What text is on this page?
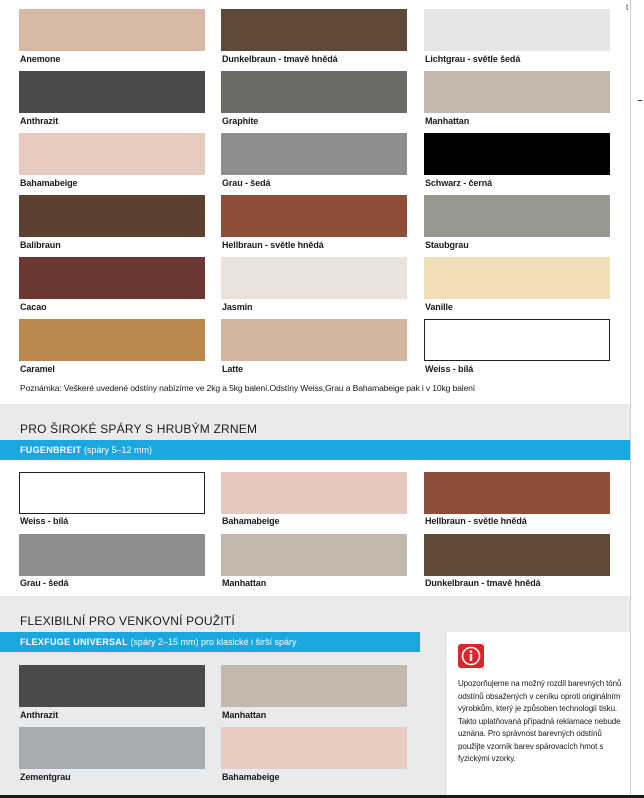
Poznámka: Veškeré uvedené odstíny nabízíme ve 2kg a 5kg balení.Odstíny Weiss,Grau a Bahamabeige pak i v 10kg balení
PRO ŠIROKÉ SPÁRY S HRUBÝM ZRNEM
FUGENBREIT (spáry 5–12 mm)
FLEXIBILNÍ PRO VENKOVNÍ POUŽITÍ
FLEXFUGE UNIVERSAL (spáry 2–15 mm) pro klasické i širší spáry
Upozorňujeme na možný rozdíl barevných tónů odstínů obsažených v ceníku oproti originálním výrobkům, který je způsoben technologií tisku. Takto uplatňovaná případná reklamace nebude uznána. Pro správnost barevných odstínů použijte vzorník barev spárovacích hmot s fyzickými vzorky.
t
Anemone	Dunkelbraun - tmavě hnědá	Lichtgrau - světle šedá
Anthrazit	Graphite	Manhattan
Bahamabeige	Grau - šedá	Schwarz - černá
Balibraun	Hellbraun - světle hnědá	Staubgrau
Cacao	Jasmin	Vanille
Caramel	Latte	Weiss - bílá
Weiss - bílá	Bahamabeige	Hellbraun - světle hnědá
Grau - šedá	Manhattan	Dunkelbraun - tmavě hnědá
Anthrazit	Manhattan
Zementgrau	Bahamabeige
